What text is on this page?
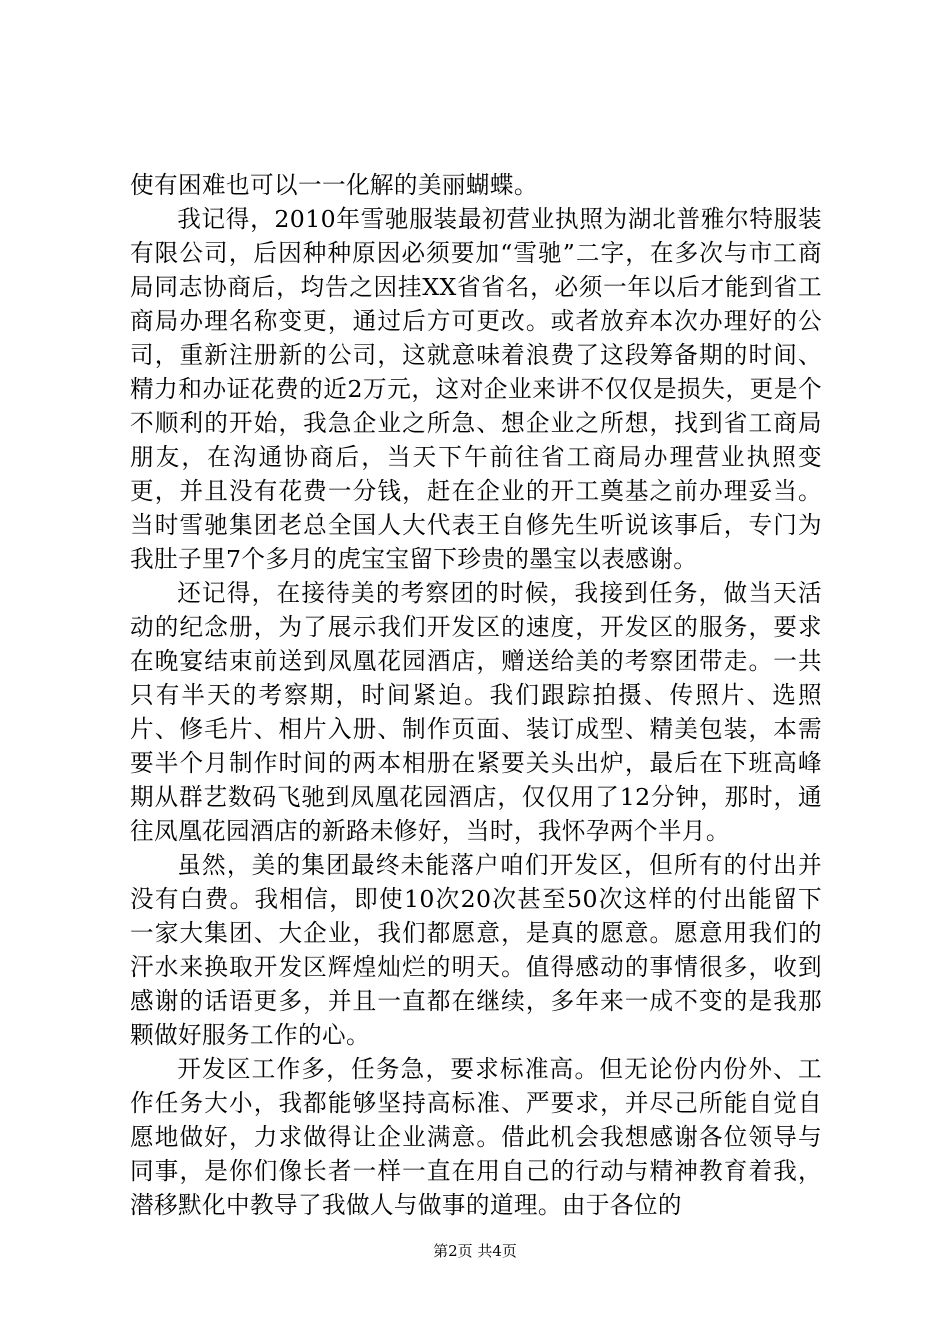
使有困难也可以一一化解的美丽蝴蝶。

我记得，2010年雪驰服装最初营业执照为湖北普雅尔特服装有限公司，后因种种原因必须要加“雪驰”二字，在多次与市工商局同志协商后，均告之因挂XX省省名，必须一年以后才能到省工商局办理名称变更，通过后方可更改。或者放弃本次办理好的公司，重新注册新的公司，这就意味着浪费了这段筹备期的时间、精力和办证花费的近2万元，这对企业来讲不仅仅是损失，更是个不顺利的开始，我急企业之所急、想企业之所想，找到省工商局朋友，在沟通协商后，当天下午前往省工商局办理营业执照变更，并且没有花费一分钱，赶在企业的开工奠基之前办理妥当。当时雪驰集团老总全国人大代表王自修先生听说该事后，专门为我肚子里7个多月的虎宝宝留下珍贵的墨宝以表感谢。

还记得，在接待美的考察团的时候，我接到任务，做当天活动的纪念册，为了展示我们开发区的速度，开发区的服务，要求在晚宴结束前送到凤凰花园酒店，赠送给美的考察团带走。一共只有半天的考察期，时间紧迫。我们跟踪拍摄、传照片、选照片、修毛片、相片入册、制作页面、装订成型、精美包装，本需要半个月制作时间的两本相册在紧要关头出炉，最后在下班高峰期从群艺数码飞驰到凤凰花园酒店，仅仅用了12分钟，那时，通往凤凰花园酒店的新路未修好，当时，我怀孕两个半月。

虽然，美的集团最终未能落户咱们开发区，但所有的付出并没有白费。我相信，即使10次20次甚至50次这样的付出能留下一家大集团、大企业，我们都愿意，是真的愿意。愿意用我们的汗水来换取开发区辉煌灿烂的明天。值得感动的事情很多，收到感谢的话语更多，并且一直都在继续，多年来一成不变的是我那颗做好服务工作的心。

开发区工作多，任务急，要求标准高。但无论份内份外、工作任务大小，我都能够坚持高标准、严要求，并尽己所能自觉自愿地做好，力求做得让企业满意。借此机会我想感谢各位领导与同事，是你们像长者一样一直在用自己的行动与精神教育着我，潜移默化中教导了我做人与做事的道理。由于各位的

第2页 共4页
